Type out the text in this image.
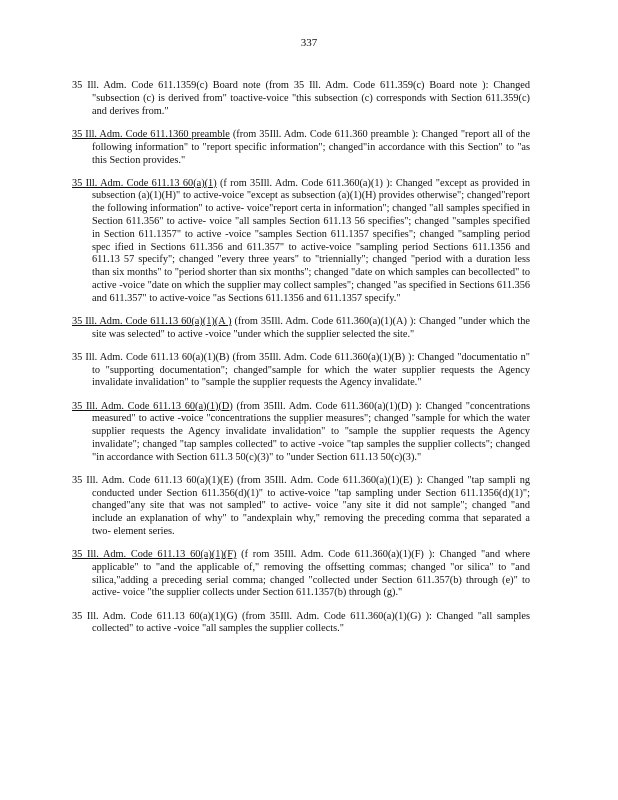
337

35 Ill. Adm. Code 611.1359(c) Board note (from 35 Ill. Adm. Code 611.359(c) Board note ): Changed "subsection (c) is derived from" toactive-voice "this subsection (c) corresponds with Section 611.359(c) and derives from."

35 Ill. Adm. Code 611.1360 preamble (from 35Ill. Adm. Code 611.360 preamble ): Changed "report all of the following information" to "report specific information"; changed"in accordance with this Section" to "as this Section provides."

35 Ill. Adm. Code 611.13 60(a)(1) (f rom 35Ill. Adm. Code 611.360(a)(1) ): Changed "except as provided in subsection (a)(1)(H)" to active-voice "except as subsection (a)(1)(H) provides otherwise"; changed"report the following information" to active- voice"report certa in information"; changed "all samples specified in Section 611.356" to active- voice "all samples Section 611.13 56 specifies"; changed "samples specified in Section 611.1357" to active -voice "samples Section 611.1357 specifies"; changed "sampling period spec ified in Sections 611.356 and 611.357" to active-voice "sampling period Sections 611.1356 and 611.13 57 specify"; changed "every three years" to "triennially"; changed "period with a duration less than six months" to "period shorter than six months"; changed "date on which samples can becollected" to active -voice "date on which the supplier may collect samples"; changed "as specified in Sections 611.356 and 611.357" to active-voice "as Sections 611.1356 and 611.1357 specify."

35 Ill. Adm. Code 611.13 60(a)(1)(A ) (from 35Ill. Adm. Code 611.360(a)(1)(A) ): Changed "under which the site was selected" to active -voice "under which the supplier selected the site."

35 Ill. Adm. Code 611.13 60(a)(1)(B) (from 35Ill. Adm. Code 611.360(a)(1)(B) ): Changed "documentatio n" to "supporting documentation"; changed"sample for which the water supplier requests the Agency invalidate invalidation" to "sample the supplier requests the Agency invalidate."

35 Ill. Adm. Code 611.13 60(a)(1)(D) (from 35Ill. Adm. Code 611.360(a)(1)(D) ): Changed "concentrations measured" to active -voice "concentrations the supplier measures"; changed "sample for which the water supplier requests the Agency invalidate invalidation" to "sample the supplier requests the Agency invalidate"; changed "tap samples collected" to active -voice "tap samples the supplier collects"; changed "in accordance with Section 611.3 50(c)(3)" to "under Section 611.13 50(c)(3)."

35 Ill. Adm. Code 611.13 60(a)(1)(E) (from 35Ill. Adm. Code 611.360(a)(1)(E) ): Changed "tap sampli ng conducted under Section 611.356(d)(1)" to active-voice "tap sampling under Section 611.1356(d)(1)"; changed"any site that was not sampled" to active- voice "any site it did not sample"; changed "and include an explanation of why" to "andexplain why," removing the preceding comma that separated a two- element series.

35 Ill. Adm. Code 611.13 60(a)(1)(F) (f rom 35Ill. Adm. Code 611.360(a)(1)(F) ): Changed "and where applicable" to "and the applicable of," removing the offsetting commas; changed "or silica" to "and silica,"adding a preceding serial comma; changed "collected under Section 611.357(b) through (e)" to active- voice "the supplier collects under Section 611.1357(b) through (g)."

35 Ill. Adm. Code 611.13 60(a)(1)(G) (from 35Ill. Adm. Code 611.360(a)(1)(G) ): Changed "all samples collected" to active -voice "all samples the supplier collects."
